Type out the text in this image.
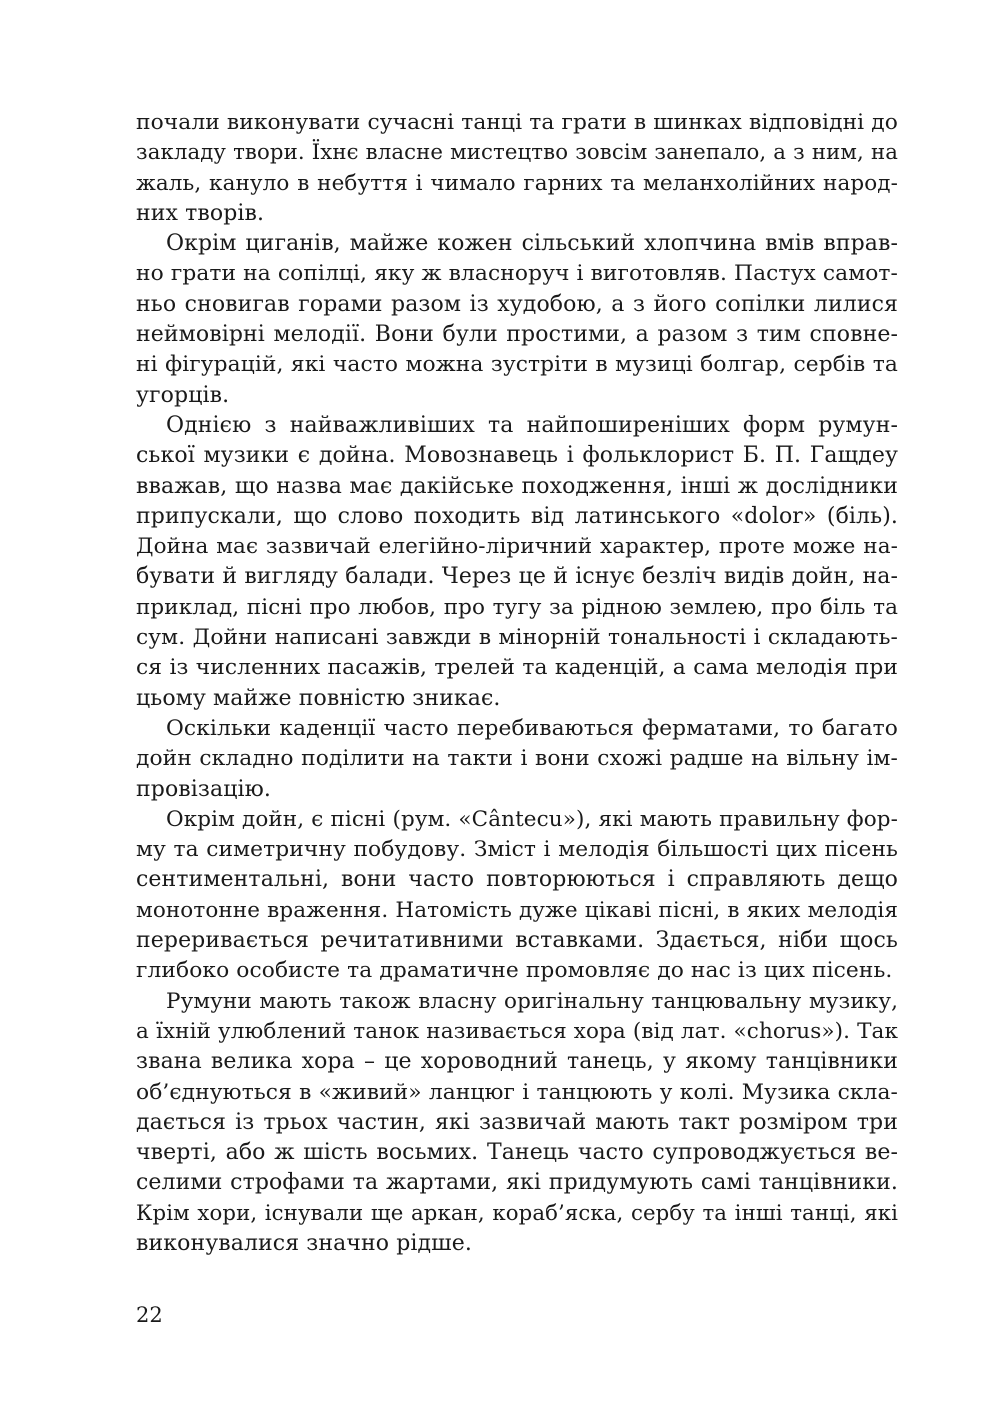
почали виконувати сучасні танці та грати в шинках відповідні до
закладу твори. Їхнє власне мистецтво зовсім занепало, а з ним, на
жаль, кануло в небуття і чимало гарних та меланхолійних народ-
них творів.
Окрім циганів, майже кожен сільський хлопчина вмів вправ-
но грати на сопілці, яку ж власноруч і виготовляв. Пастух самот-
ньо сновигав горами разом із худобою, а з його сопілки лилися
неймовірні мелодії. Вони були простими, а разом з тим сповне-
ні фігурацій, які часто можна зустріти в музиці болгар, сербів та
угорців.
Однією з найважливіших та найпоширеніших форм румун-
ської музики є дойна. Мовознавець і фольклорист Б. П. Гащдеу
вважав, що назва має дакійське походження, інші ж дослідники
припускали, що слово походить від латинського «dolor» (біль).
Дойна має зазвичай елегійно-ліричний характер, проте може на-
бувати й вигляду балади. Через це й існує безліч видів дойн, на-
приклад, пісні про любов, про тугу за рідною землею, про біль та
сум. Дойни написані завжди в мінорній тональності і складають-
ся із численних пасажів, трелей та каденцій, а сама мелодія при
цьому майже повністю зникає.
Оскільки каденції часто перебиваються ферматами, то багато
дойн складно поділити на такти і вони схожі радше на вільну ім-
провізацію.
Окрім дойн, є пісні (рум. «Cântecu»), які мають правильну фор-
му та симетричну побудову. Зміст і мелодія більшості цих пісень
сентиментальні, вони часто повторюються і справляють дещо
монотонне враження. Натомість дуже цікаві пісні, в яких мелодія
переривається речитативними вставками. Здається, ніби щось
глибоко особисте та драматичне промовляє до нас із цих пісень.
Румуни мають також власну оригінальну танцювальну музику,
а їхній улюблений танок називається хора (від лат. «chorus»). Так
звана велика хора – це хороводний танець, у якому танцівники
об’єднуються в «живий» ланцюг і танцюють у колі. Музика скла-
дається із трьох частин, які зазвичай мають такт розміром три
чверті, або ж шість восьмих. Танець часто супроводжується ве-
селими строфами та жартами, які придумують самі танцівники.
Крім хори, існували ще аркан, кораб’яска, сербу та інші танці, які
виконувалися значно рідше.
22
